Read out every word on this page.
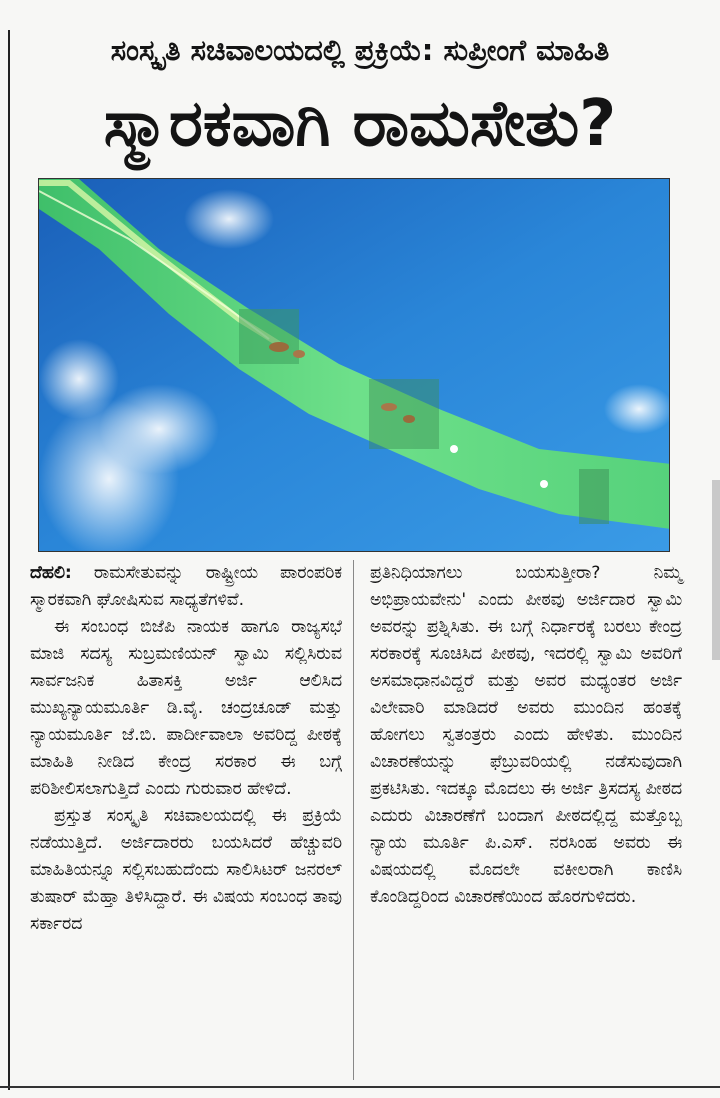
ಸಂಸ್ಕೃತಿ ಸಚಿವಾಲಯದಲ್ಲಿ ಪ್ರಕ್ರಿಯೆ: ಸುಪ್ರೀಂಗೆ ಮಾಹಿತಿ
ಸ್ಮಾರಕವಾಗಿ ರಾಮಸೇತು?

ದೆಹಲಿ: ರಾಮಸೇತುವನ್ನು ರಾಷ್ಟ್ರೀಯ ಪಾರಂಪರಿಕ ಸ್ಮಾರಕವಾಗಿ ಘೋಷಿಸುವ ಸಾಧ್ಯತೆಗಳಿವೆ.

ಈ ಸಂಬಂಧ ಬಿಜೆಪಿ ನಾಯಕ ಹಾಗೂ ರಾಜ್ಯಸಭೆ ಮಾಜಿ ಸದಸ್ಯ ಸುಬ್ರಮಣಿಯನ್ ಸ್ವಾಮಿ ಸಲ್ಲಿಸಿರುವ ಸಾರ್ವಜನಿಕ ಹಿತಾಸಕ್ತಿ ಅರ್ಜಿ ಆಲಿಸಿದ ಮುಖ್ಯನ್ಯಾಯಮೂರ್ತಿ ಡಿ.ವೈ. ಚಂದ್ರಚೂಡ್ ಮತ್ತು ನ್ಯಾಯಮೂರ್ತಿ ಜೆ.ಬಿ. ಪಾರ್ದೀವಾಲಾ ಅವರಿದ್ದ ಪೀಠಕ್ಕೆ ಮಾಹಿತಿ ನೀಡಿದ ಕೇಂದ್ರ ಸರಕಾರ ಈ ಬಗ್ಗೆ ಪರಿಶೀಲಿಸಲಾಗುತ್ತಿದೆ ಎಂದು ಗುರುವಾರ ಹೇಳಿದೆ.

ಪ್ರಸ್ತುತ ಸಂಸ್ಕೃತಿ ಸಚಿವಾಲಯದಲ್ಲಿ ಈ ಪ್ರಕ್ರಿಯೆ ನಡೆಯುತ್ತಿದೆ. ಅರ್ಜಿದಾರರು ಬಯಸಿದರೆ ಹೆಚ್ಚುವರಿ ಮಾಹಿತಿಯನ್ನೂ ಸಲ್ಲಿಸಬಹುದೆಂದು ಸಾಲಿಸಿಟರ್ ಜನರಲ್ ತುಷಾರ್ ಮೆಹ್ತಾ ತಿಳಿಸಿದ್ದಾರೆ. ಈ ವಿಷಯ ಸಂಬಂಧ ತಾವು ಸರ್ಕಾರದ

ಪ್ರತಿನಿಧಿಯಾಗಲು ಬಯಸುತ್ತೀರಾ? ನಿಮ್ಮ ಅಭಿಪ್ರಾಯವೇನು' ಎಂದು ಪೀಠವು ಅರ್ಜಿದಾರ ಸ್ವಾಮಿ ಅವರನ್ನು ಪ್ರಶ್ನಿಸಿತು. ಈ ಬಗ್ಗೆ ನಿರ್ಧಾರಕ್ಕೆ ಬರಲು ಕೇಂದ್ರ ಸರಕಾರಕ್ಕೆ ಸೂಚಿಸಿದ ಪೀಠವು, ಇದರಲ್ಲಿ ಸ್ವಾಮಿ ಅವರಿಗೆ ಅಸಮಾಧಾನವಿದ್ದರೆ ಮತ್ತು ಅವರ ಮಧ್ಯಂತರ ಅರ್ಜಿ ವಿಲೇವಾರಿ ಮಾಡಿದರೆ ಅವರು ಮುಂದಿನ ಹಂತಕ್ಕೆ ಹೋಗಲು ಸ್ವತಂತ್ರರು ಎಂದು ಹೇಳಿತು. ಮುಂದಿನ ವಿಚಾರಣೆಯನ್ನು ಫೆಬ್ರುವರಿಯಲ್ಲಿ ನಡೆಸುವುದಾಗಿ ಪ್ರಕಟಿಸಿತು. ಇದಕ್ಕೂ ಮೊದಲು ಈ ಅರ್ಜಿ ತ್ರಿಸದಸ್ಯ ಪೀಠದ ಎದುರು ವಿಚಾರಣೆಗೆ ಬಂದಾಗ ಪೀಠದಲ್ಲಿದ್ದ ಮತ್ತೊಬ್ಬ ನ್ಯಾಯ ಮೂರ್ತಿ ಪಿ.ಎಸ್. ನರಸಿಂಹ ಅವರು ಈ ವಿಷಯದಲ್ಲಿ ಮೊದಲೇ ವಕೀಲರಾಗಿ ಕಾಣಿಸಿ ಕೊಂಡಿದ್ದರಿಂದ ವಿಚಾರಣೆಯಿಂದ ಹೊರಗುಳಿದರು.
